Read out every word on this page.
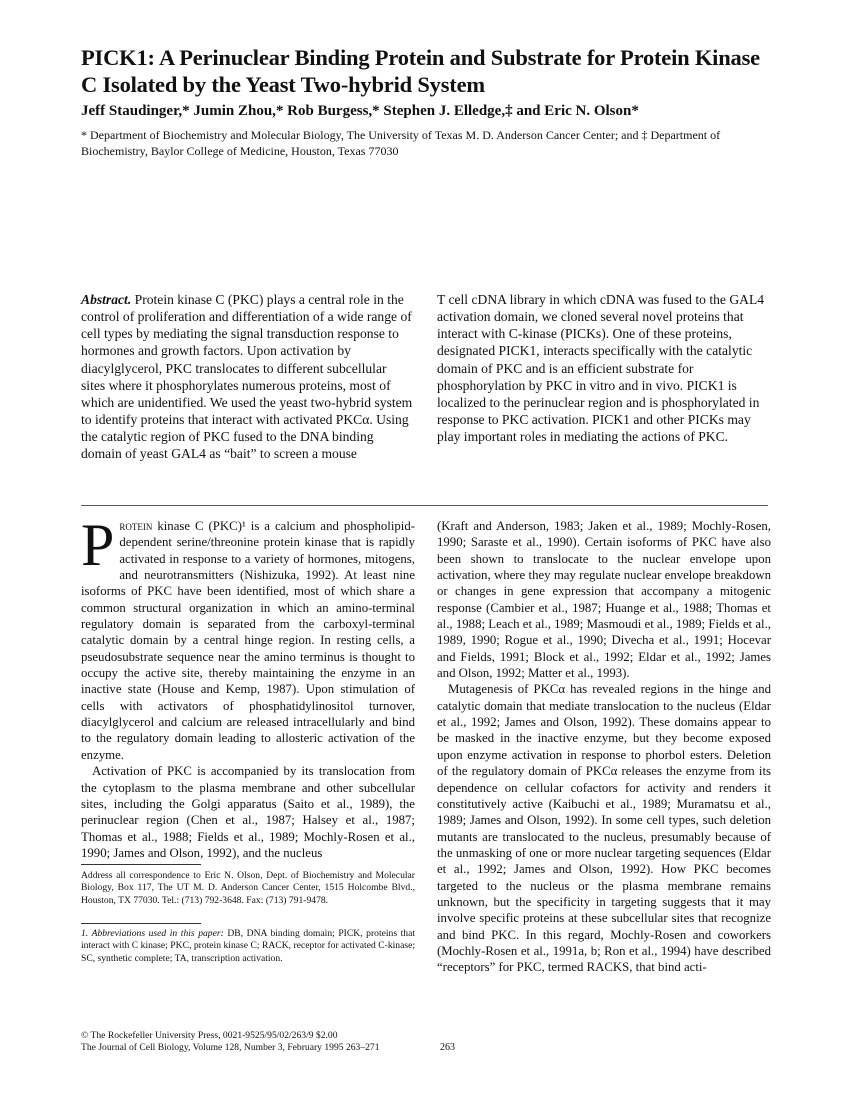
PICK1: A Perinuclear Binding Protein and Substrate for Protein Kinase C Isolated by the Yeast Two-hybrid System

Jeff Staudinger,* Jumin Zhou,* Rob Burgess,* Stephen J. Elledge,‡ and Eric N. Olson*

* Department of Biochemistry and Molecular Biology, The University of Texas M. D. Anderson Cancer Center; and ‡ Department of Biochemistry, Baylor College of Medicine, Houston, Texas 77030

Abstract. Protein kinase C (PKC) plays a central role in the control of proliferation and differentiation of a wide range of cell types by mediating the signal transduction response to hormones and growth factors. Upon activation by diacylglycerol, PKC translocates to different subcellular sites where it phosphorylates numerous proteins, most of which are unidentified. We used the yeast two-hybrid system to identify proteins that interact with activated PKCα. Using the catalytic region of PKC fused to the DNA binding domain of yeast GAL4 as “bait” to screen a mouse

T cell cDNA library in which cDNA was fused to the GAL4 activation domain, we cloned several novel proteins that interact with C-kinase (PICKs). One of these proteins, designated PICK1, interacts specifically with the catalytic domain of PKC and is an efficient substrate for phosphorylation by PKC in vitro and in vivo. PICK1 is localized to the perinuclear region and is phosphorylated in response to PKC activation. PICK1 and other PICKs may play important roles in mediating the actions of PKC.

Protein kinase C (PKC)¹ is a calcium and phospholipid-dependent serine/threonine protein kinase that is rapidly activated in response to a variety of hormones, mitogens, and neurotransmitters (Nishizuka, 1992). At least nine isoforms of PKC have been identified, most of which share a common structural organization in which an amino-terminal regulatory domain is separated from the carboxyl-terminal catalytic domain by a central hinge region. In resting cells, a pseudosubstrate sequence near the amino terminus is thought to occupy the active site, thereby maintaining the enzyme in an inactive state (House and Kemp, 1987). Upon stimulation of cells with activators of phosphatidylinositol turnover, diacylglycerol and calcium are released intracellularly and bind to the regulatory domain leading to allosteric activation of the enzyme.

Activation of PKC is accompanied by its translocation from the cytoplasm to the plasma membrane and other subcellular sites, including the Golgi apparatus (Saito et al., 1989), the perinuclear region (Chen et al., 1987; Halsey et al., 1987; Thomas et al., 1988; Fields et al., 1989; Mochly-Rosen et al., 1990; James and Olson, 1992), and the nucleus

(Kraft and Anderson, 1983; Jaken et al., 1989; Mochly-Rosen, 1990; Saraste et al., 1990). Certain isoforms of PKC have also been shown to translocate to the nuclear envelope upon activation, where they may regulate nuclear envelope breakdown or changes in gene expression that accompany a mitogenic response (Cambier et al., 1987; Huange et al., 1988; Thomas et al., 1988; Leach et al., 1989; Masmoudi et al., 1989; Fields et al., 1989, 1990; Rogue et al., 1990; Divecha et al., 1991; Hocevar and Fields, 1991; Block et al., 1992; Eldar et al., 1992; James and Olson, 1992; Matter et al., 1993).

Mutagenesis of PKCα has revealed regions in the hinge and catalytic domain that mediate translocation to the nucleus (Eldar et al., 1992; James and Olson, 1992). These domains appear to be masked in the inactive enzyme, but they become exposed upon enzyme activation in response to phorbol esters. Deletion of the regulatory domain of PKCα releases the enzyme from its dependence on cellular cofactors for activity and renders it constitutively active (Kaibuchi et al., 1989; Muramatsu et al., 1989; James and Olson, 1992). In some cell types, such deletion mutants are translocated to the nucleus, presumably because of the unmasking of one or more nuclear targeting sequences (Eldar et al., 1992; James and Olson, 1992). How PKC becomes targeted to the nucleus or the plasma membrane remains unknown, but the specificity in targeting suggests that it may involve specific proteins at these subcellular sites that recognize and bind PKC. In this regard, Mochly-Rosen and coworkers (Mochly-Rosen et al., 1991a, b; Ron et al., 1994) have described “receptors” for PKC, termed RACKS, that bind acti-

Address all correspondence to Eric N. Olson, Dept. of Biochemistry and Molecular Biology, Box 117, The UT M. D. Anderson Cancer Center, 1515 Holcombe Blvd., Houston, TX 77030. Tel.: (713) 792-3648. Fax: (713) 791-9478.

1. Abbreviations used in this paper: DB, DNA binding domain; PICK, proteins that interact with C kinase; PKC, protein kinase C; RACK, receptor for activated C-kinase; SC, synthetic complete; TA, transcription activation.

© The Rockefeller University Press, 0021-9525/95/02/263/9 $2.00

The Journal of Cell Biology, Volume 128, Number 3, February 1995 263–271	263
